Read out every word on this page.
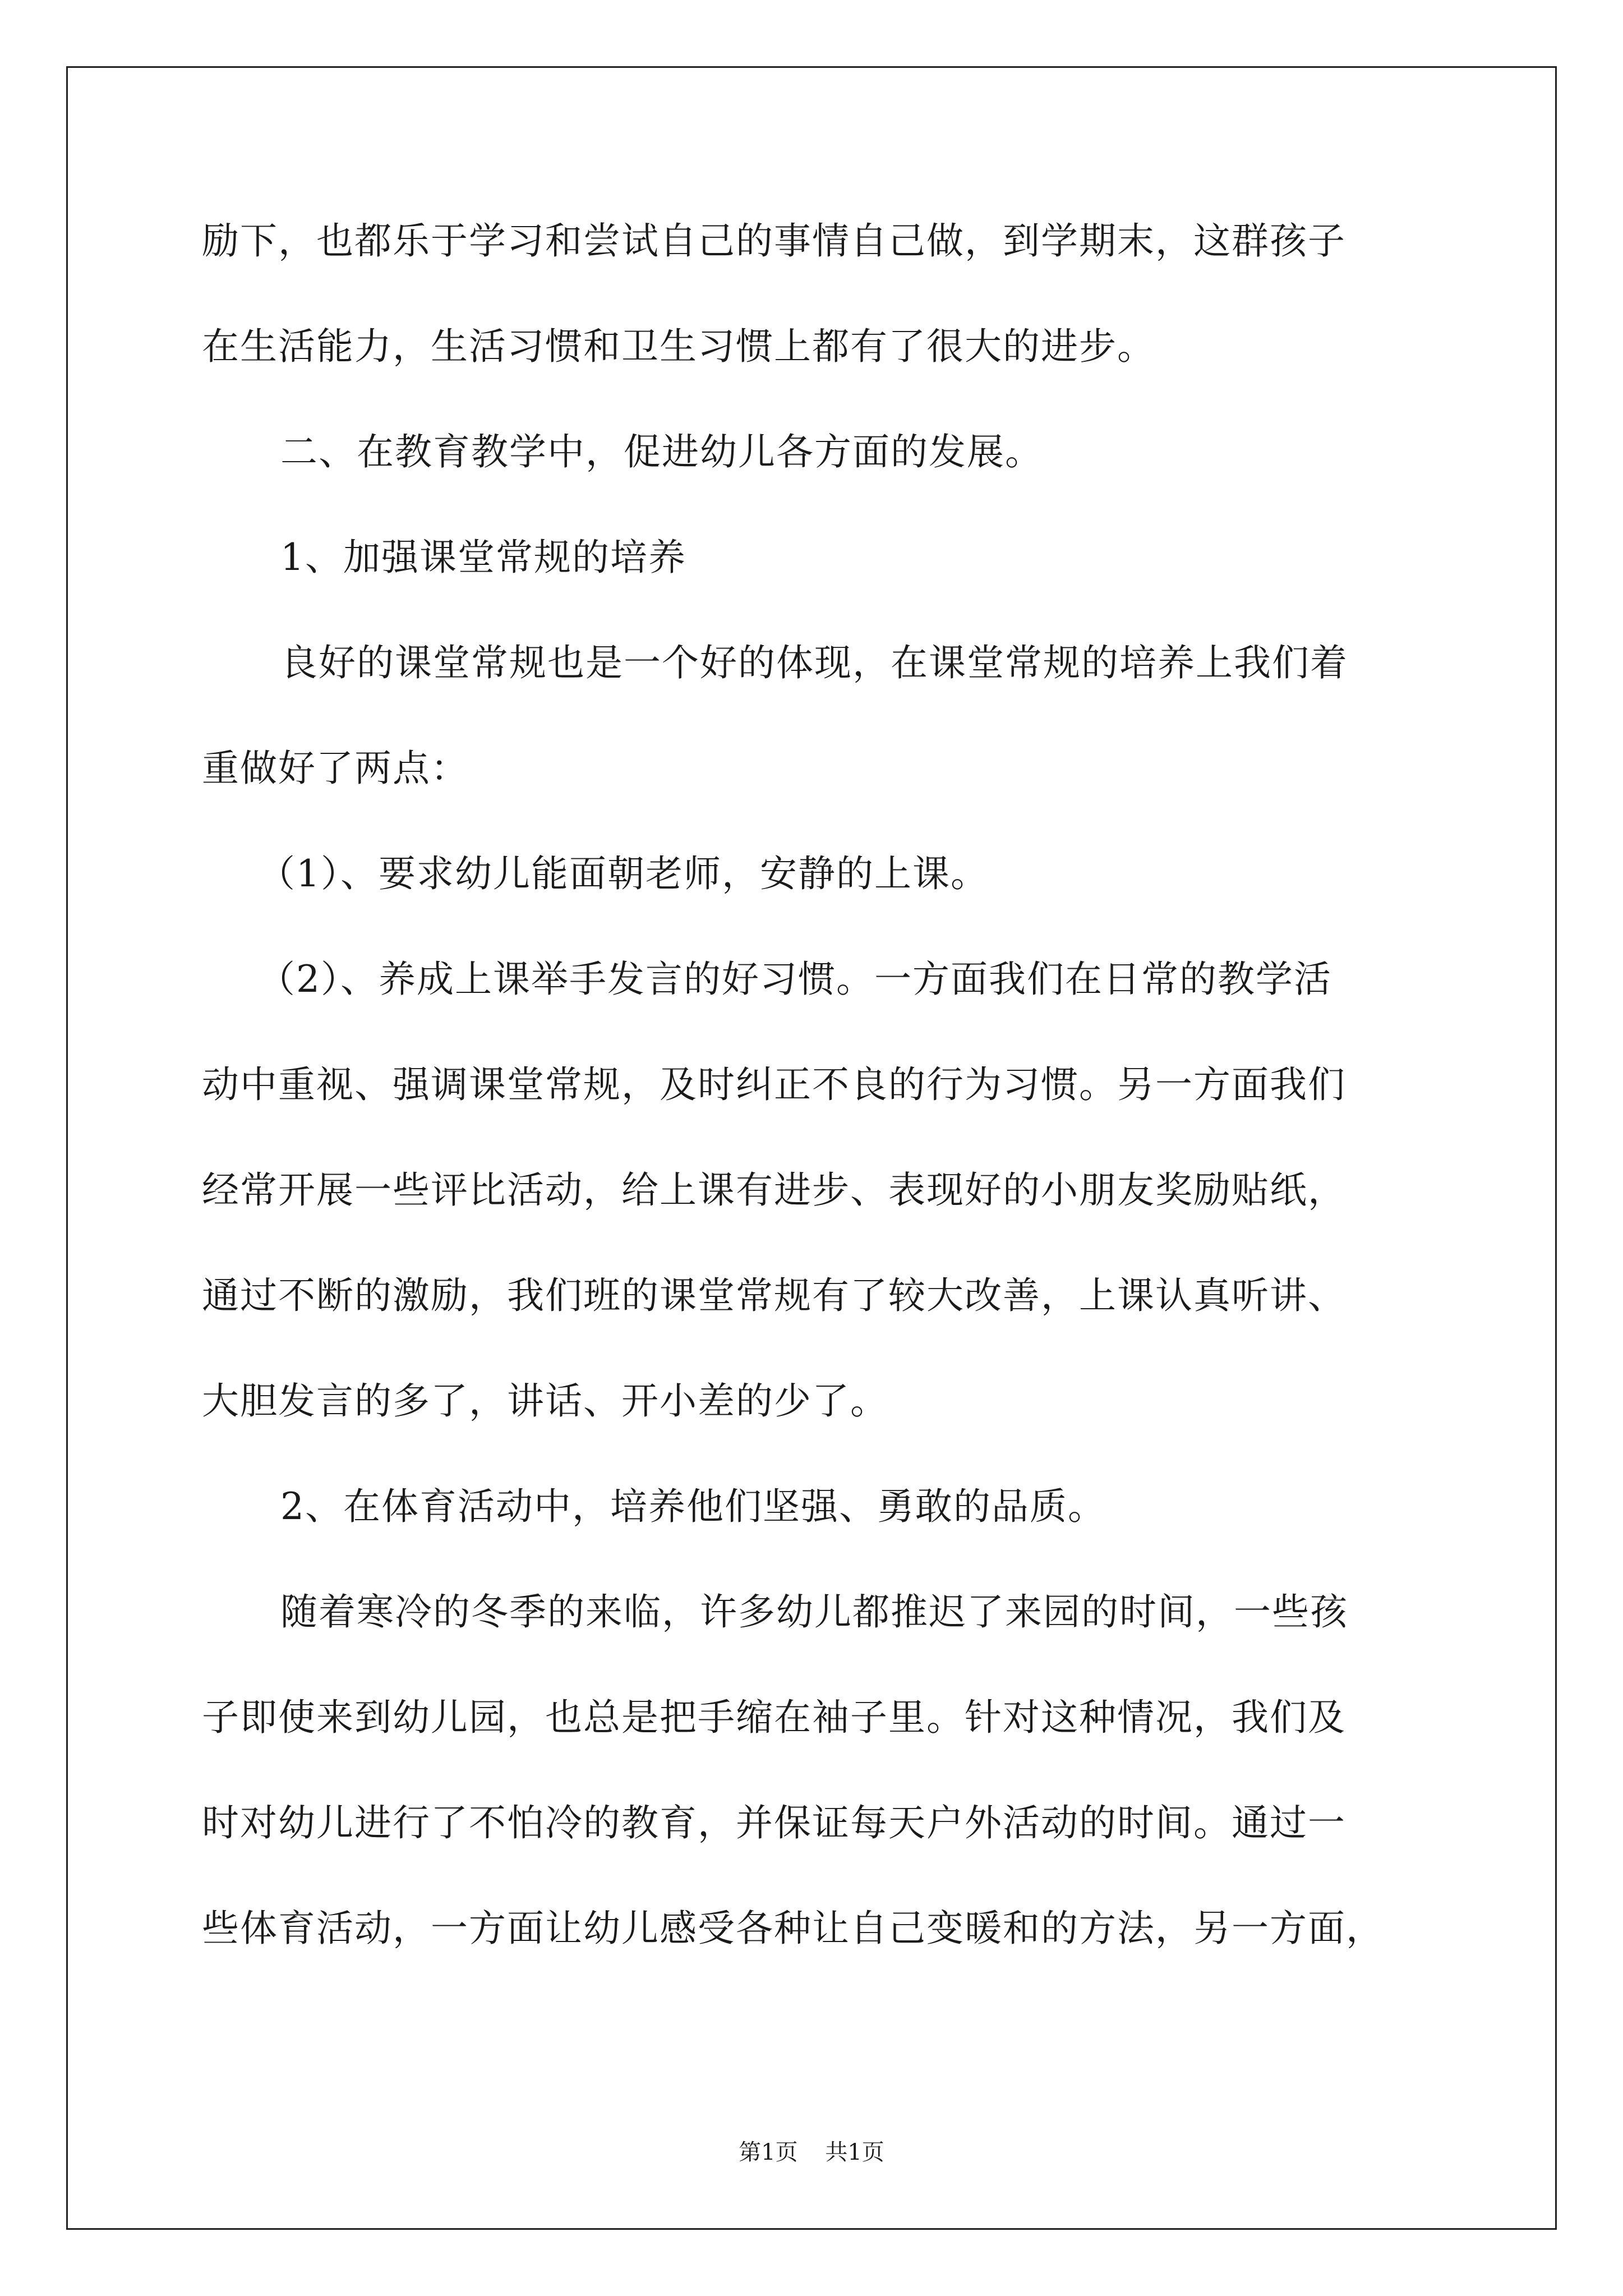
励下，也都乐于学习和尝试自己的事情自己做，到学期末，这群孩子
在生活能力，生活习惯和卫生习惯上都有了很大的进步。
二、在教育教学中，促进幼儿各方面的发展。
1、加强课堂常规的培养
良好的课堂常规也是一个好的体现，在课堂常规的培养上我们着
重做好了两点：
（1）、要求幼儿能面朝老师，安静的上课。
（2）、养成上课举手发言的好习惯。一方面我们在日常的教学活
动中重视、强调课堂常规，及时纠正不良的行为习惯。另一方面我们
经常开展一些评比活动，给上课有进步、表现好的小朋友奖励贴纸，
通过不断的激励，我们班的课堂常规有了较大改善，上课认真听讲、
大胆发言的多了，讲话、开小差的少了。
2、在体育活动中，培养他们坚强、勇敢的品质。
随着寒冷的冬季的来临，许多幼儿都推迟了来园的时间，一些孩
子即使来到幼儿园，也总是把手缩在袖子里。针对这种情况，我们及
时对幼儿进行了不怕冷的教育，并保证每天户外活动的时间。通过一
些体育活动，一方面让幼儿感受各种让自己变暖和的方法，另一方面，
第1页 共1页
